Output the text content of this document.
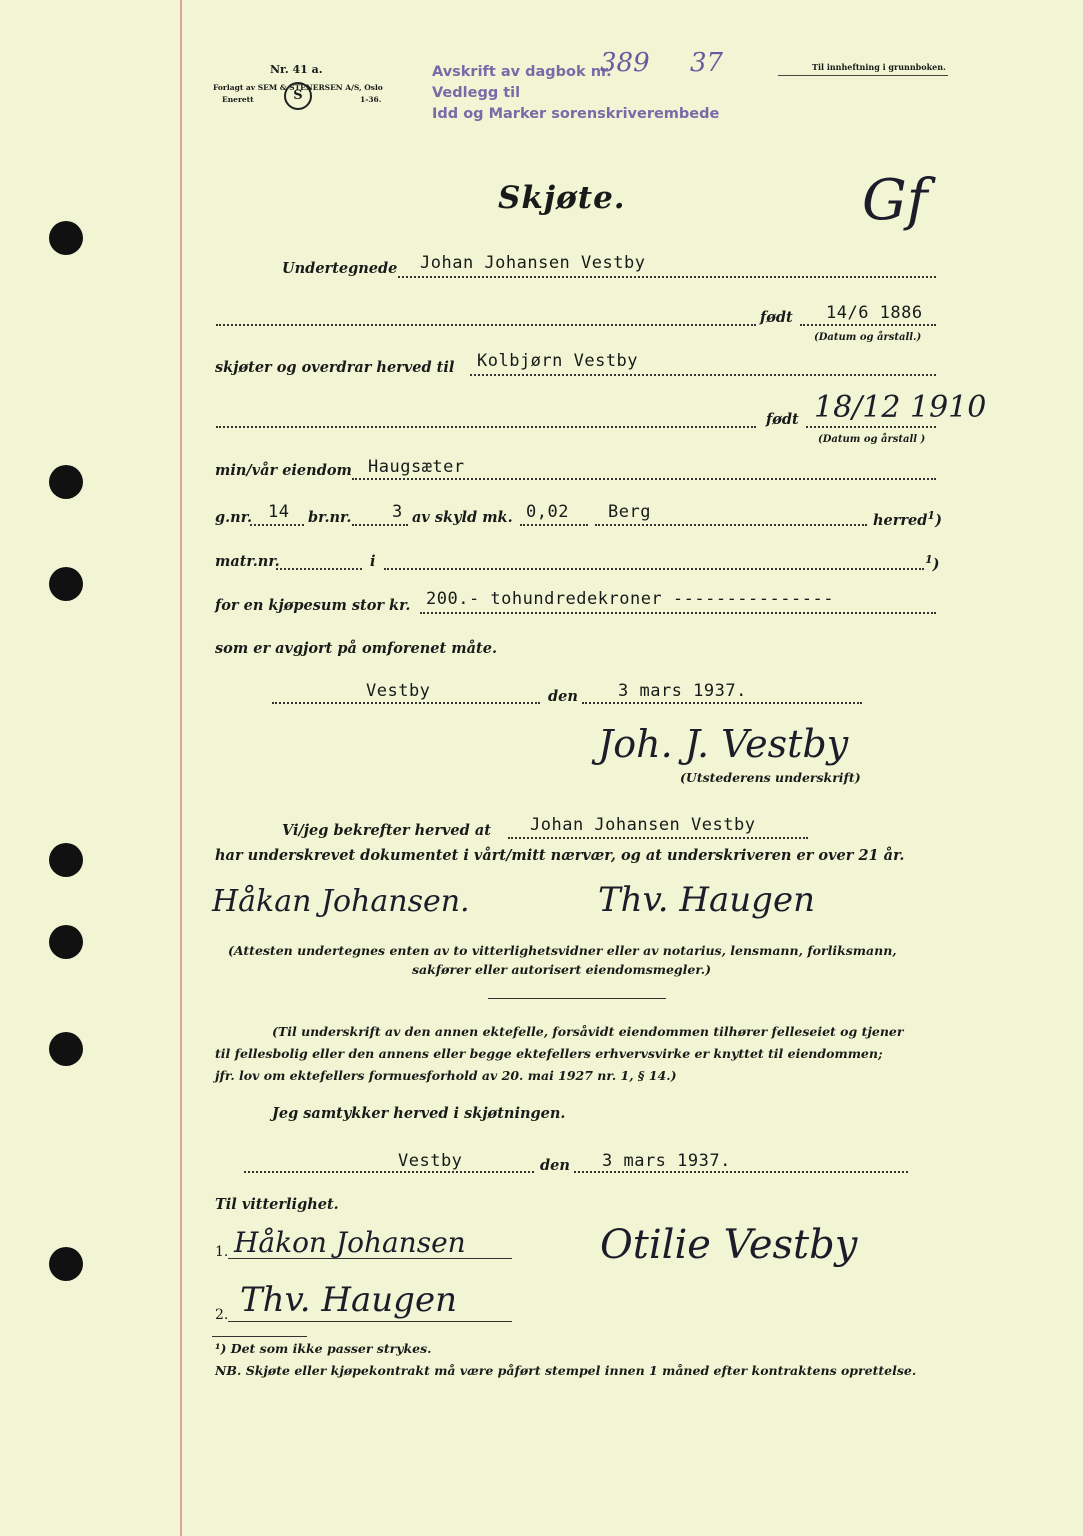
Nr. 41 a.
Forlagt av SEM & STENERSEN A/S, Oslo
Enerett	S	1-36.
Avskrift av dagbok nr.
389 37
Vedlegg til
Idd og Marker sorenskriverembede
Til innheftning i grunnboken.
Skjøte.	Gf
Undertegnede Johan Johansen Vestby
født 14/6 1886
(Datum og årstall.)
skjøter og overdrar herved til Kolbjørn Vestby
født 18/12 1910
(Datum og årstall )
min/vår eiendom Haugsæter
g.nr. 14 br.nr. 3 av skyld mk. 0,02 Berg	herred$^1$)
matr.nr.	i	$^1$)
for en kjøpesum stor kr. 200.- tohundredekroner ---------------
som er avgjort på omforenet måte.
Vestby	den 3 mars 1937.
Joh. J. Vestby
(Utstederens underskrift)
Vi/jeg bekrefter herved at Johan Johansen Vestby
har underskrevet dokumentet i vårt/mitt nærvær, og at underskriveren er over 21 år.
Håkan Johansen.	Thv. Haugen
(Attesten undertegnes enten av to vitterlighetsvidner eller av notarius, lensmann, forliksmann,
sakfører eller autorisert eiendomsmegler.)
(Til underskrift av den annen ektefelle, forsåvidt eiendommen tilhører felleseiet og tjener
til fellesbolig eller den annens eller begge ektefellers erhvervsvirke er knyttet til eiendommen;
jfr. lov om ektefellers formuesforhold av 20. mai 1927 nr. 1, § 14.)
Jeg samtykker herved i skjøtningen.
Vestby	den 3 mars 1937.
Til vitterlighet.
Otilie Vestby
1. Håkon Johansen
2. Thv. Haugen
¹) Det som ikke passer strykes.
NB. Skjøte eller kjøpekontrakt må være påført stempel innen 1 måned efter kontraktens oprettelse.
